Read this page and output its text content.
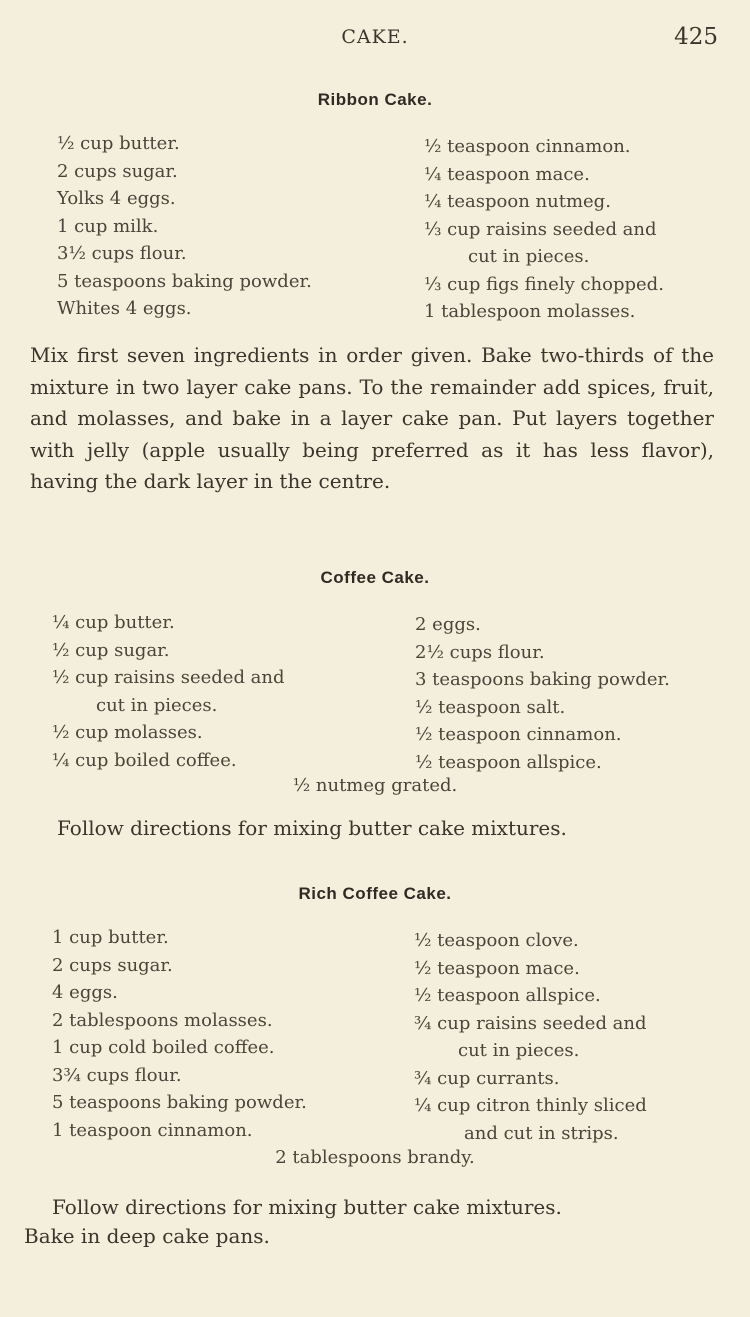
CAKE.	425
Ribbon Cake.
½ cup butter.
2 cups sugar.
Yolks 4 eggs.
1 cup milk.
3½ cups flour.
5 teaspoons baking powder.
Whites 4 eggs.
½ teaspoon cinnamon.
¼ teaspoon mace.
¼ teaspoon nutmeg.
⅓ cup raisins seeded and
cut in pieces.
⅓ cup figs finely chopped.
1 tablespoon molasses.

Mix first seven ingredients in order given. Bake two-thirds of the mixture in two layer cake pans. To the remainder add spices, fruit, and molasses, and bake in a layer cake pan. Put layers together with jelly (apple usually being preferred as it has less flavor), having the dark layer in the centre.

Coffee Cake.
¼ cup butter.
½ cup sugar.
½ cup raisins seeded and
cut in pieces.
½ cup molasses.
¼ cup boiled coffee.
2 eggs.
2½ cups flour.
3 teaspoons baking powder.
½ teaspoon salt.
½ teaspoon cinnamon.
½ teaspoon allspice.
½ nutmeg grated.

Follow directions for mixing butter cake mixtures.

Rich Coffee Cake.
1 cup butter.
2 cups sugar.
4 eggs.
2 tablespoons molasses.
1 cup cold boiled coffee.
3¾ cups flour.
5 teaspoons baking powder.
1 teaspoon cinnamon.
½ teaspoon clove.
½ teaspoon mace.
½ teaspoon allspice.
¾ cup raisins seeded and
cut in pieces.
¾ cup currants.
¼ cup citron thinly sliced
and cut in strips.
2 tablespoons brandy.

Follow directions for mixing butter cake mixtures.

Bake in deep cake pans.
